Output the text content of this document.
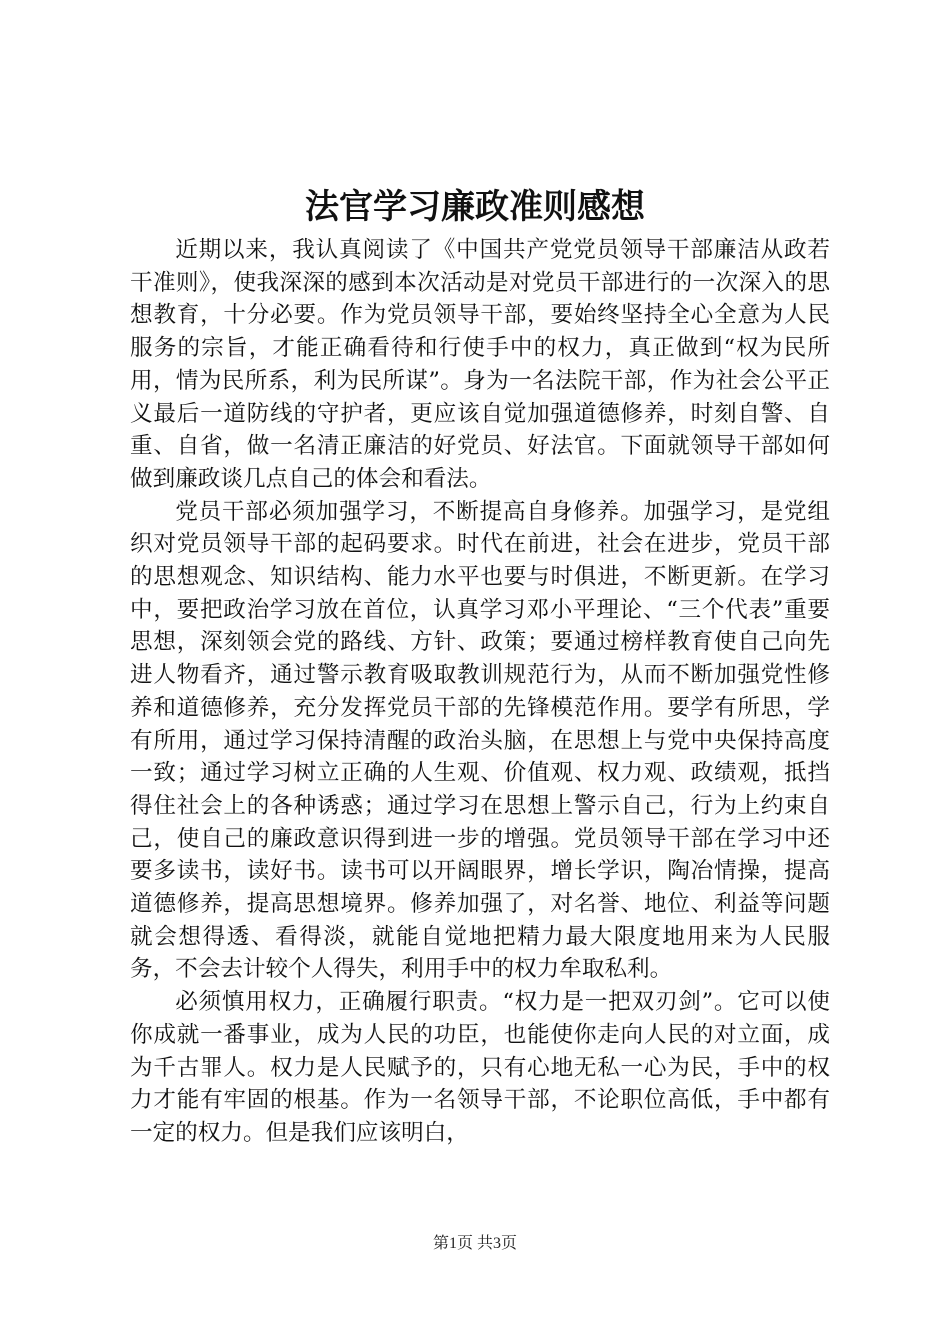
法官学习廉政准则感想

近期以来，我认真阅读了《中国共产党党员领导干部廉洁从政若干准则》，使我深深的感到本次活动是对党员干部进行的一次深入的思想教育，十分必要。作为党员领导干部，要始终坚持全心全意为人民服务的宗旨，才能正确看待和行使手中的权力，真正做到“权为民所用，情为民所系，利为民所谋”。身为一名法院干部，作为社会公平正义最后一道防线的守护者，更应该自觉加强道德修养，时刻自警、自重、自省，做一名清正廉洁的好党员、好法官。下面就领导干部如何做到廉政谈几点自己的体会和看法。

党员干部必须加强学习，不断提高自身修养。加强学习，是党组织对党员领导干部的起码要求。时代在前进，社会在进步，党员干部的思想观念、知识结构、能力水平也要与时俱进，不断更新。在学习中，要把政治学习放在首位，认真学习邓小平理论、“三个代表”重要思想，深刻领会党的路线、方针、政策；要通过榜样教育使自己向先进人物看齐，通过警示教育吸取教训规范行为，从而不断加强党性修养和道德修养，充分发挥党员干部的先锋模范作用。要学有所思，学有所用，通过学习保持清醒的政治头脑，在思想上与党中央保持高度一致；通过学习树立正确的人生观、价值观、权力观、政绩观，抵挡得住社会上的各种诱惑；通过学习在思想上警示自己，行为上约束自己，使自己的廉政意识得到进一步的增强。党员领导干部在学习中还要多读书，读好书。读书可以开阔眼界，增长学识，陶冶情操，提高道德修养，提高思想境界。修养加强了，对名誉、地位、利益等问题就会想得透、看得淡，就能自觉地把精力最大限度地用来为人民服务，不会去计较个人得失，利用手中的权力牟取私利。

必须慎用权力，正确履行职责。“权力是一把双刃剑”。它可以使你成就一番事业，成为人民的功臣，也能使你走向人民的对立面，成为千古罪人。权力是人民赋予的，只有心地无私一心为民，手中的权力才能有牢固的根基。作为一名领导干部，不论职位高低，手中都有一定的权力。但是我们应该明白，

第1页 共3页
